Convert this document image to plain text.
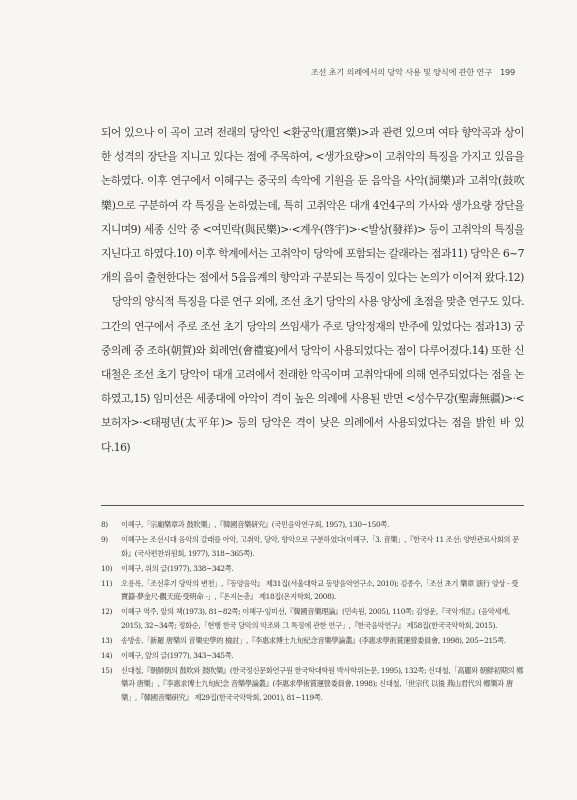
조선 초기 의례에서의 당악 사용 및 양식에 관한 연구 199

되어 있으나 이 곡이 고려 전래의 당악인 <환궁악(還宮樂)>과 관련 있으며 여타 향악곡과 상이한 성격의 장단을 지니고 있다는 점에 주목하여, <생가요량>이 고취악의 특징을 가지고 있음을 논하였다. 이후 연구에서 이혜구는 중국의 속악에 기원을 둔 음악을 사악(詞樂)과 고취악(鼓吹樂)으로 구분하여 각 특징을 논하였는데, 특히 고취악은 대개 4언4구의 가사와 생가요량 장단을 지니며9) 세종 신악 중 <여민락(與民樂)>·<계우(啓宇)>·<발상(發祥)> 등이 고취악의 특징을 지닌다고 하였다.10) 이후 학계에서는 고취악이 당악에 포함되는 갈래라는 점과11) 당악은 6~7개의 음이 출현한다는 점에서 5음음계의 향악과 구분되는 특징이 있다는 논의가 이어져 왔다.12)

당악의 양식적 특징을 다룬 연구 외에, 조선 초기 당악의 사용 양상에 초점을 맞춘 연구도 있다. 그간의 연구에서 주로 조선 초기 당악의 쓰임새가 주로 당악정재의 반주에 있었다는 점과13) 궁중의례 중 조하(朝賀)와 회례연(會禮宴)에서 당악이 사용되었다는 점이 다루어졌다.14) 또한 신대철은 조선 초기 당악이 대개 고려에서 전래한 악곡이며 고취악대에 의해 연주되었다는 점을 논하였고,15) 임미선은 세종대에 아악이 격이 높은 의례에 사용된 반면 <성수무강(聖壽無疆)>·<보허자>·<태평년(太平年)> 등의 당악은 격이 낮은 의례에서 사용되었다는 점을 밝힌 바 있다.16)

8)	이혜구,「宗廟樂章과 鼓吹樂」,『韓國音樂研究』(국민음악연구회, 1957), 130~150쪽.
9)	이혜구는 조선시대 음악의 갈래를 아악, 고취악, 당악, 향악으로 구분하였다(이혜구,「3. 音樂」,『한국사 11 조선: 양반관료사회의 문화』(국사편찬위원회, 1977), 318~365쪽).
10)	이혜구, 위의 글(1977), 338~342쪽.
11)	오용록,「조선후기 당악의 변천」,『동양음악』 제31집(서울대학교 동양음악연구소, 2010); 김종수,「조선 초기 樂章 演行 양상 - 受寶籙·夢金尺·觀天庭·受明命 -」,『온지논총』 제18집(온지학회, 2008).
12)	이혜구 역주, 앞의 책(1973), 81~82쪽; 이혜구·임미선,『韓國音樂理論』(민속원, 2005), 110쪽; 김영운,『국악개론』(음악세계, 2015), 32~34쪽; 정화순,「현행 한국 당악의 악조와 그 특징에 관한 연구」,『한국음악연구』 제58집(한국국악학회, 2015).
13)	송방송,「新羅 唐樂의 音樂史學的 檢討」,『李惠求博士九旬紀念音樂學論叢』(李惠求學術賞運營委員會, 1998), 205~215쪽.
14)	이혜구, 앞의 글(1977), 343~345쪽.
15)	신대철,『朝鮮朝의 鼓吹와 鼓吹樂』(한국정신문화연구원 한국학대학원 박사학위논문, 1995), 132쪽; 신대철,「高麗와 朝鮮初期의 鄕樂과 唐樂」,『李惠求博士九旬紀念 音樂學論叢』(李惠求學術賞運營委員會, 1998); 신대철,「世宗代 以後 燕山君代의 鄕樂과 唐樂」,『韓國音樂研究』 제29집(한국국악학회, 2001), 81~119쪽.
